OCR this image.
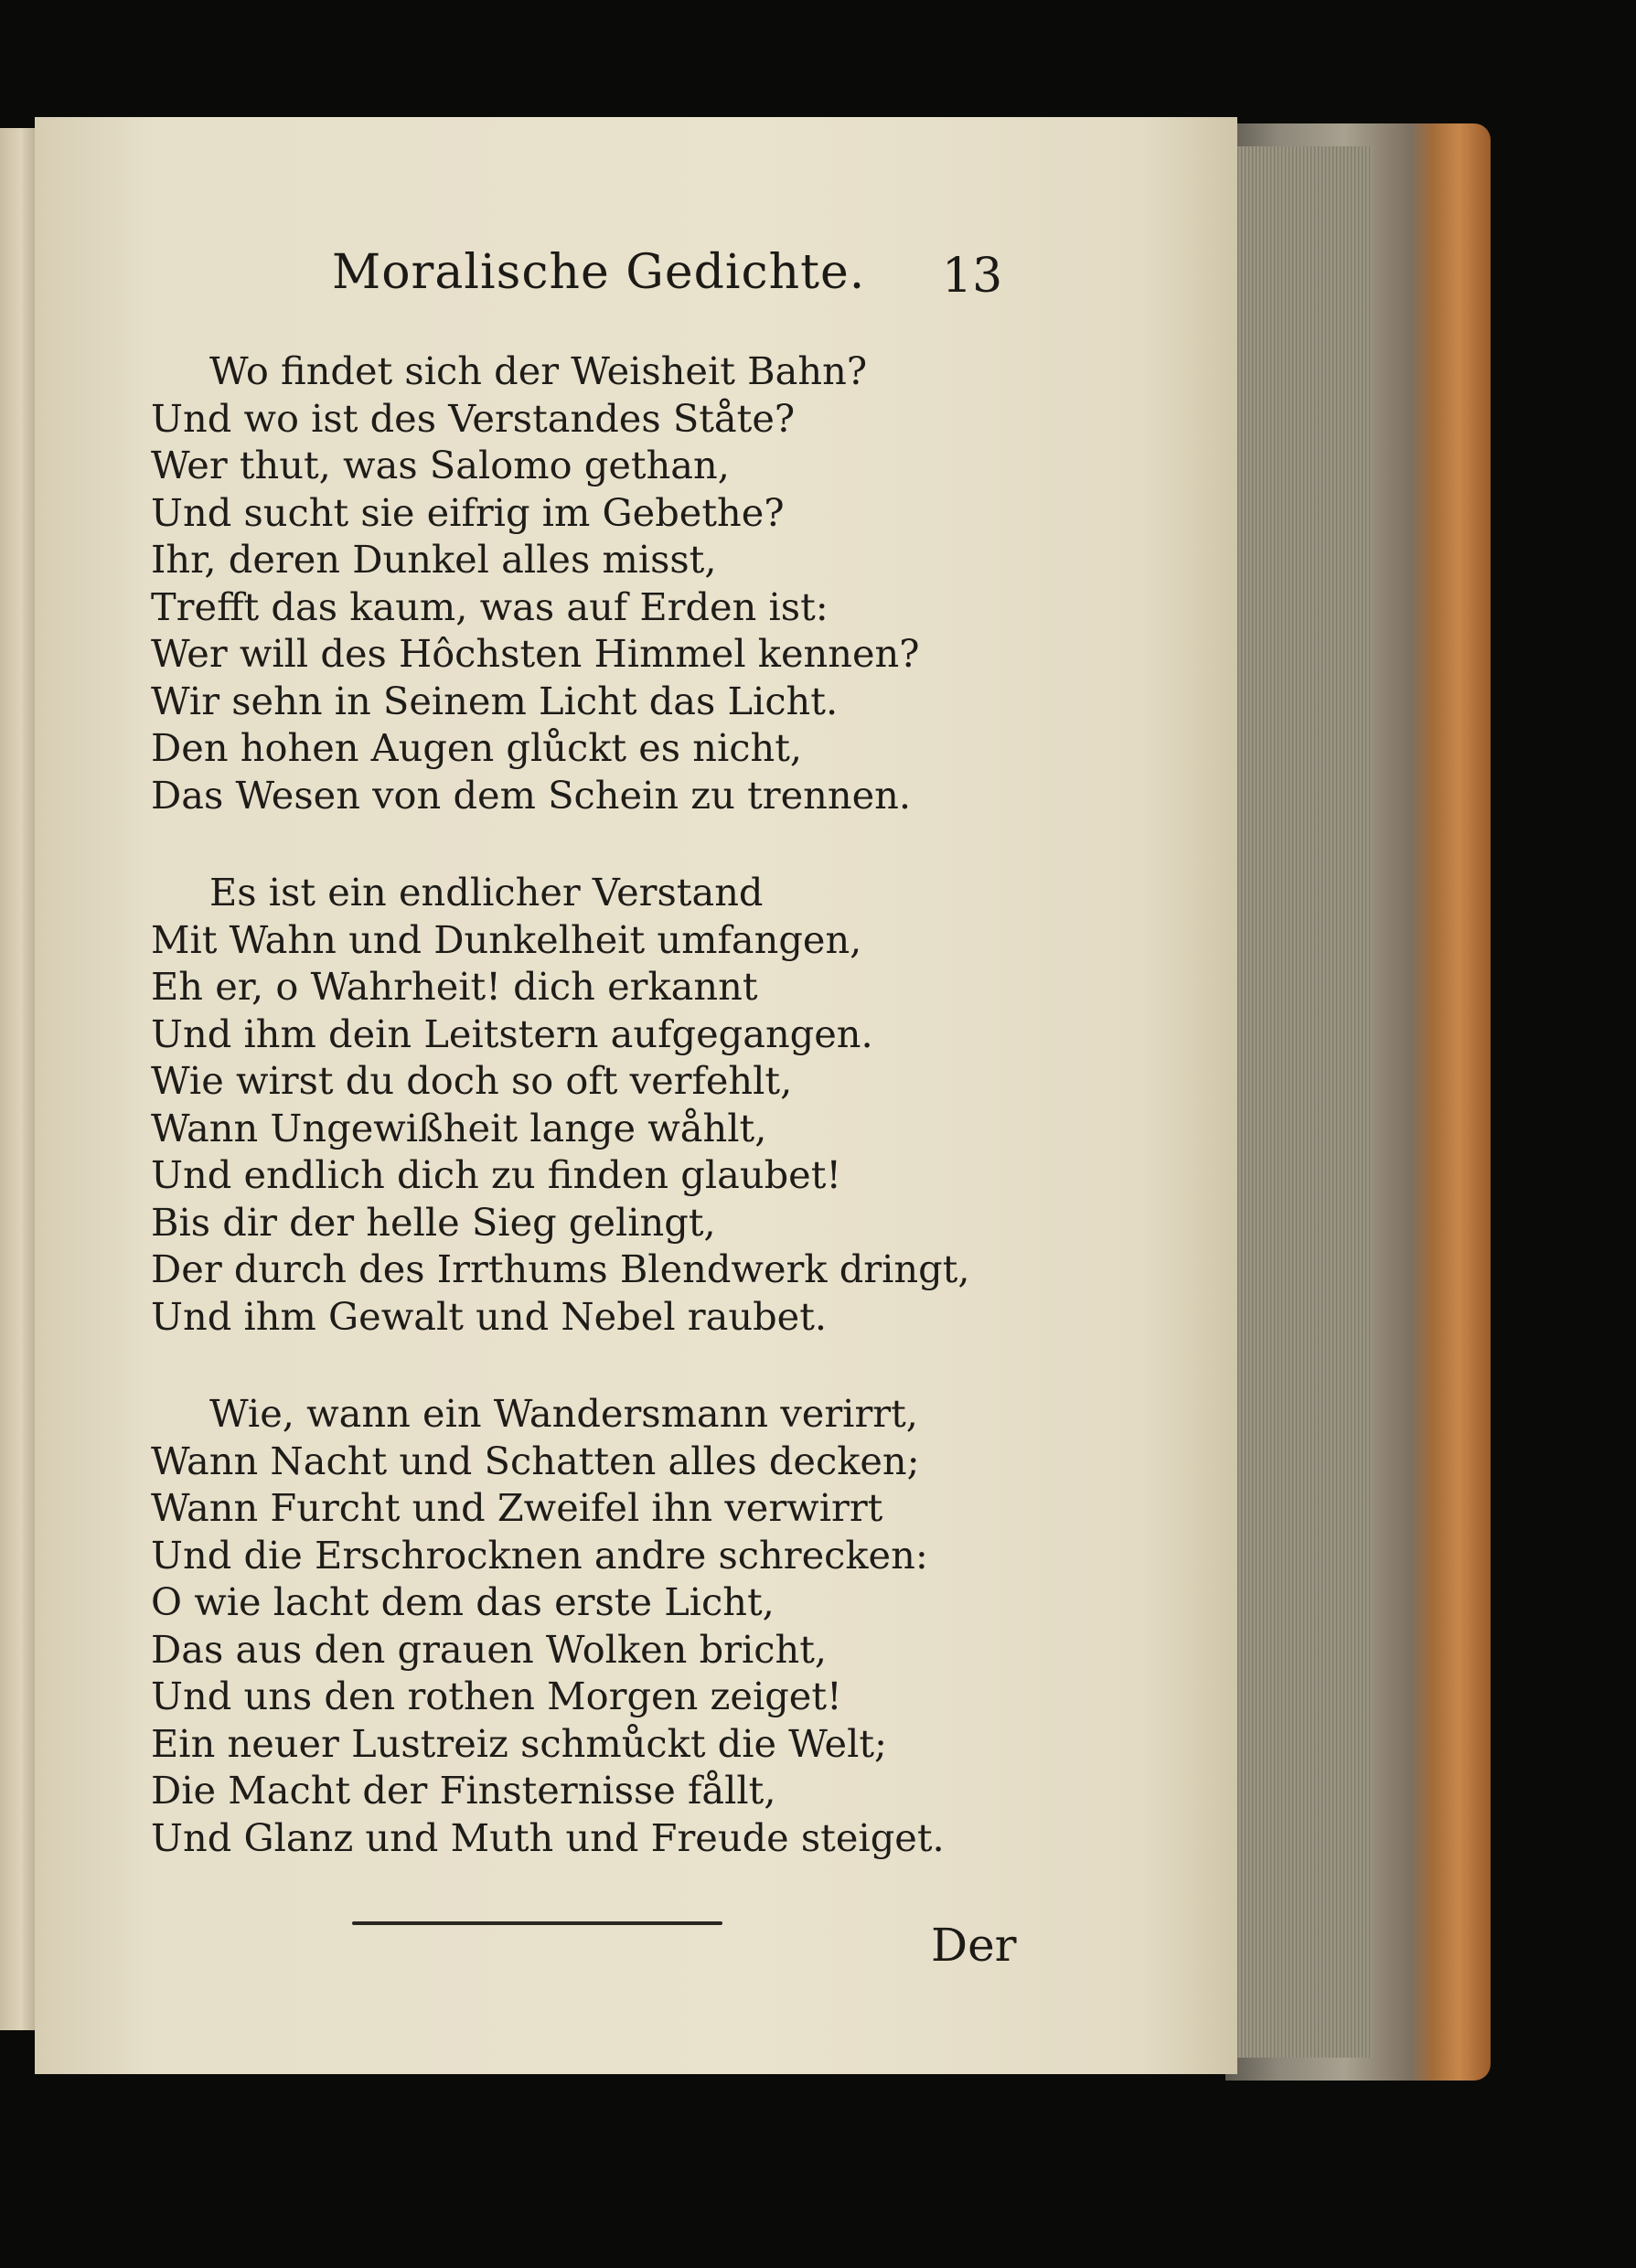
Moralische Gedichte. 13
Wo findet sich der Weisheit Bahn?
Und wo ist des Verstandes Ståte?
Wer thut, was Salomo gethan,
Und sucht sie eifrig im Gebethe?
Ihr, deren Dunkel alles misst,
Trefft das kaum, was auf Erden ist:
Wer will des Hôchsten Himmel kennen?
Wir sehn in Seinem Licht das Licht.
Den hohen Augen glůckt es nicht,
Das Wesen von dem Schein zu trennen.
Es ist ein endlicher Verstand
Mit Wahn und Dunkelheit umfangen,
Eh er, o Wahrheit! dich erkannt
Und ihm dein Leitstern aufgegangen.
Wie wirst du doch so oft verfehlt,
Wann Ungewißheit lange wåhlt,
Und endlich dich zu finden glaubet!
Bis dir der helle Sieg gelingt,
Der durch des Irrthums Blendwerk dringt,
Und ihm Gewalt und Nebel raubet.
Wie, wann ein Wandersmann verirrt,
Wann Nacht und Schatten alles decken;
Wann Furcht und Zweifel ihn verwirrt
Und die Erschrocknen andre schrecken:
O wie lacht dem das erste Licht,
Das aus den grauen Wolken bricht,
Und uns den rothen Morgen zeiget!
Ein neuer Lustreiz schmůckt die Welt;
Die Macht der Finsternisse fållt,
Und Glanz und Muth und Freude steiget.
Der
